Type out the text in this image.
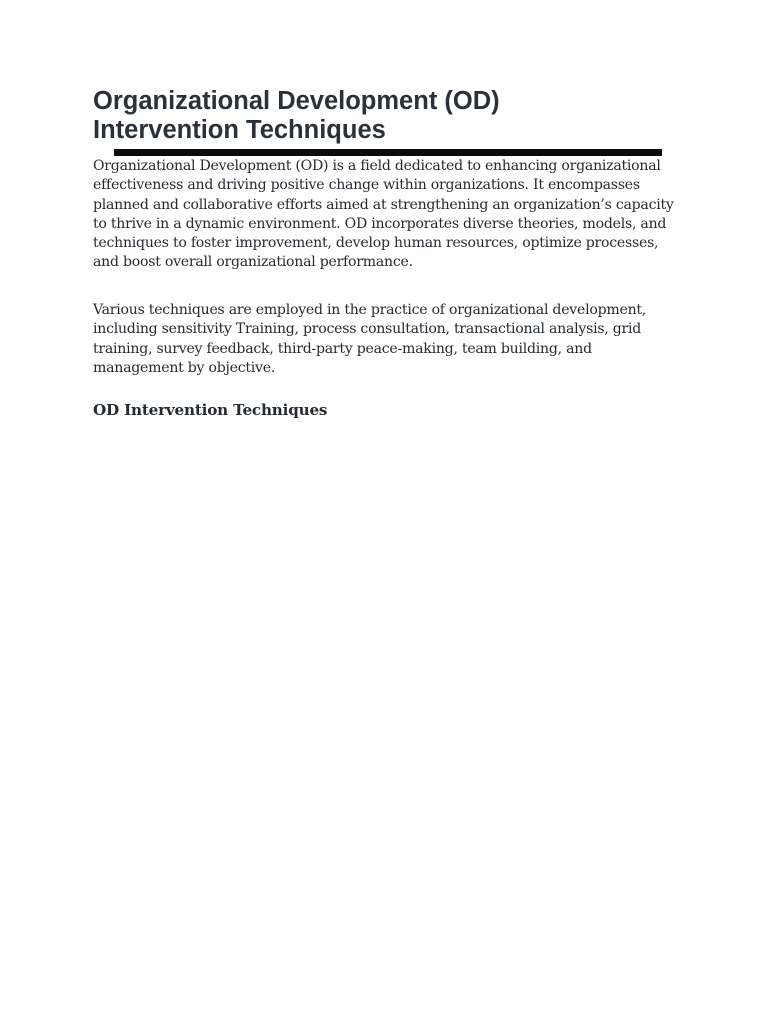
Organizational Development (OD)
Intervention Techniques

Organizational Development (OD) is a field dedicated to enhancing organizational effectiveness and driving positive change within organizations. It encompasses planned and collaborative efforts aimed at strengthening an organization’s capacity to thrive in a dynamic environment. OD incorporates diverse theories, models, and techniques to foster improvement, develop human resources, optimize processes, and boost overall organizational performance.

Various techniques are employed in the practice of organizational development, including sensitivity Training, process consultation, transactional analysis, grid training, survey feedback, third-party peace-making, team building, and management by objective.

OD Intervention Techniques
